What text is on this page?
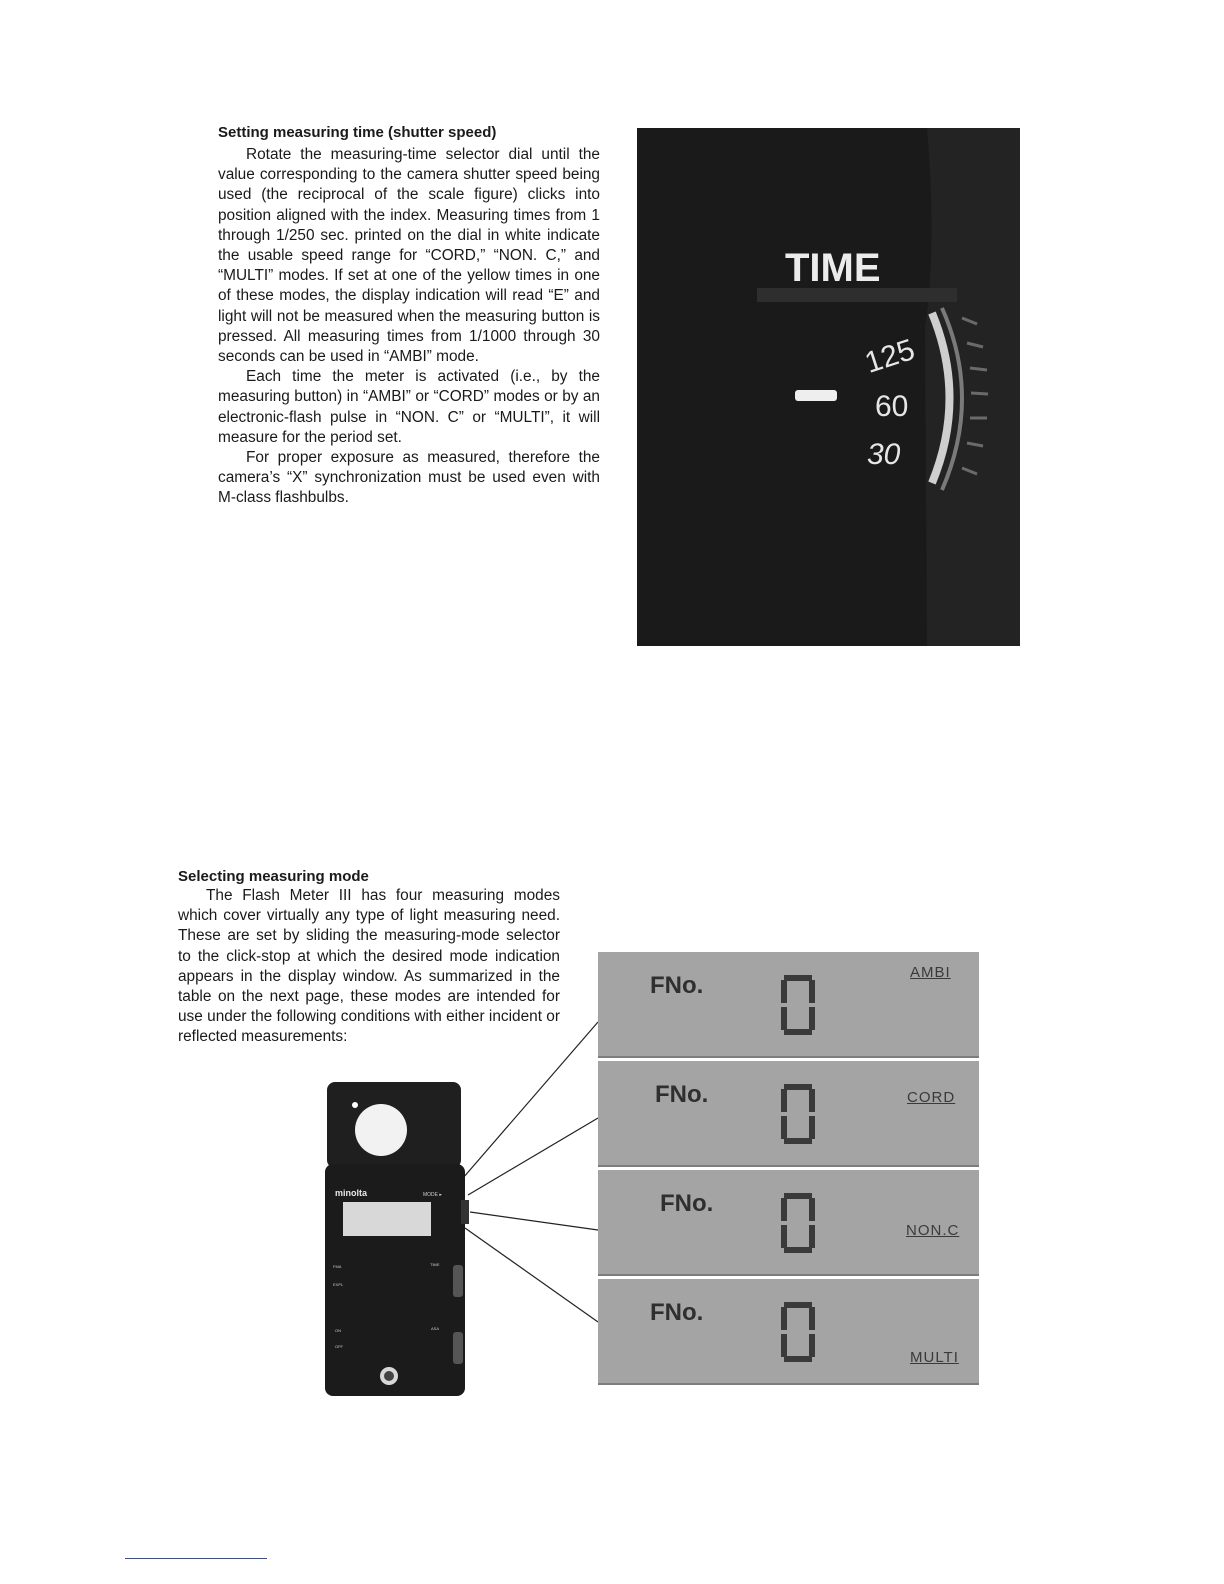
Setting measuring time (shutter speed)

Rotate the measuring-time selector dial until the value corresponding to the camera shutter speed being used (the reciprocal of the scale figure) clicks into position aligned with the index. Measuring times from 1 through 1/250 sec. printed on the dial in white indicate the usable speed range for “CORD,” “NON. C,” and “MULTI” modes. If set at one of the yellow times in one of these modes, the display indication will read “E” and light will not be measured when the measuring button is pressed. All measuring times from 1/1000 through 30 seconds can be used in “AMBI” mode.

Each time the meter is activated (i.e., by the measuring button) in “AMBI” or “CORD” modes or by an electronic-flash pulse in “NON. C” or “MULTI”, it will measure for the period set.

For proper exposure as measured, therefore the camera’s “X” synchronization must be used even with M-class flashbulbs.

TIME
125
60
30
Selecting measuring mode

The Flash Meter III has four measuring modes which cover virtually any type of light measuring need. These are set by sliding the measuring-mode selector to the click-stop at which the desired mode indication appears in the display window. As summarized in the table on the next page, these modes are intended for use under the following conditions with either incident or reflected measurements:

minolta	MODE ▸
FMA
EXPL
TIME
ASA
ON
OFF
FNo.	AMBI
FNo.	CORD
FNo.
NON.C
FNo.
MULTI
